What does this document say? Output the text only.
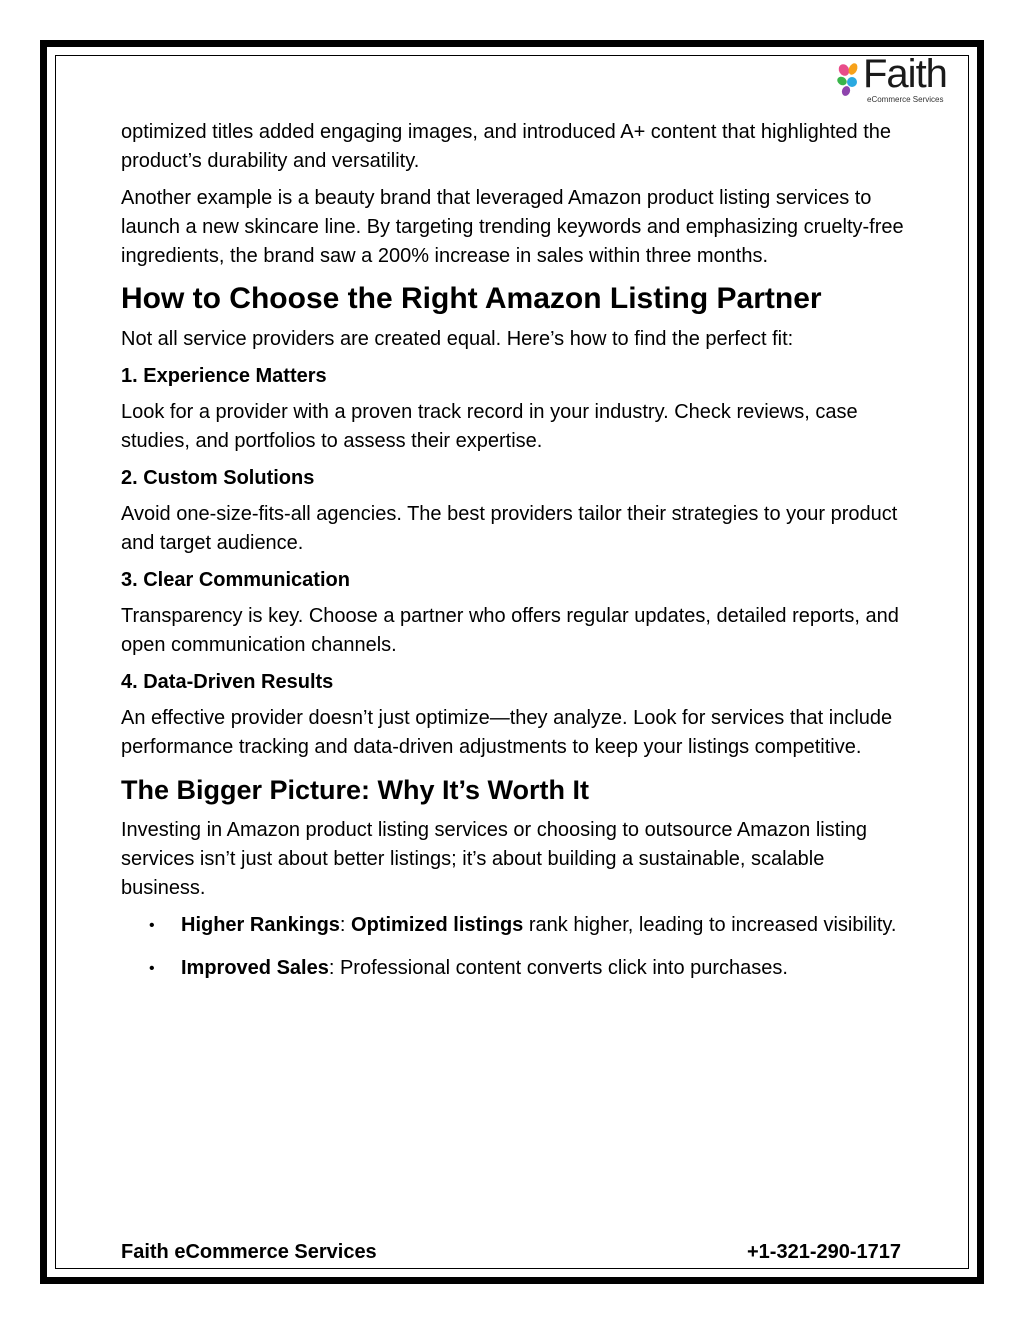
Faith
eCommerce Services

optimized titles added engaging images, and introduced A+ content that highlighted the product’s durability and versatility.

Another example is a beauty brand that leveraged Amazon product listing services to launch a new skincare line. By targeting trending keywords and emphasizing cruelty-free ingredients, the brand saw a 200% increase in sales within three months.

How to Choose the Right Amazon Listing Partner

Not all service providers are created equal. Here’s how to find the perfect fit:

1. Experience Matters

Look for a provider with a proven track record in your industry. Check reviews, case studies, and portfolios to assess their expertise.

2. Custom Solutions

Avoid one-size-fits-all agencies. The best providers tailor their strategies to your product and target audience.

3. Clear Communication

Transparency is key. Choose a partner who offers regular updates, detailed reports, and open communication channels.

4. Data-Driven Results

An effective provider doesn’t just optimize—they analyze. Look for services that include performance tracking and data-driven adjustments to keep your listings competitive.

The Bigger Picture: Why It’s Worth It

Investing in Amazon product listing services or choosing to outsource Amazon listing services isn’t just about better listings; it’s about building a sustainable, scalable business.

• Higher Rankings: Optimized listings rank higher, leading to increased visibility.
• Improved Sales: Professional content converts click into purchases.
Faith eCommerce Services	+1-321-290-1717
